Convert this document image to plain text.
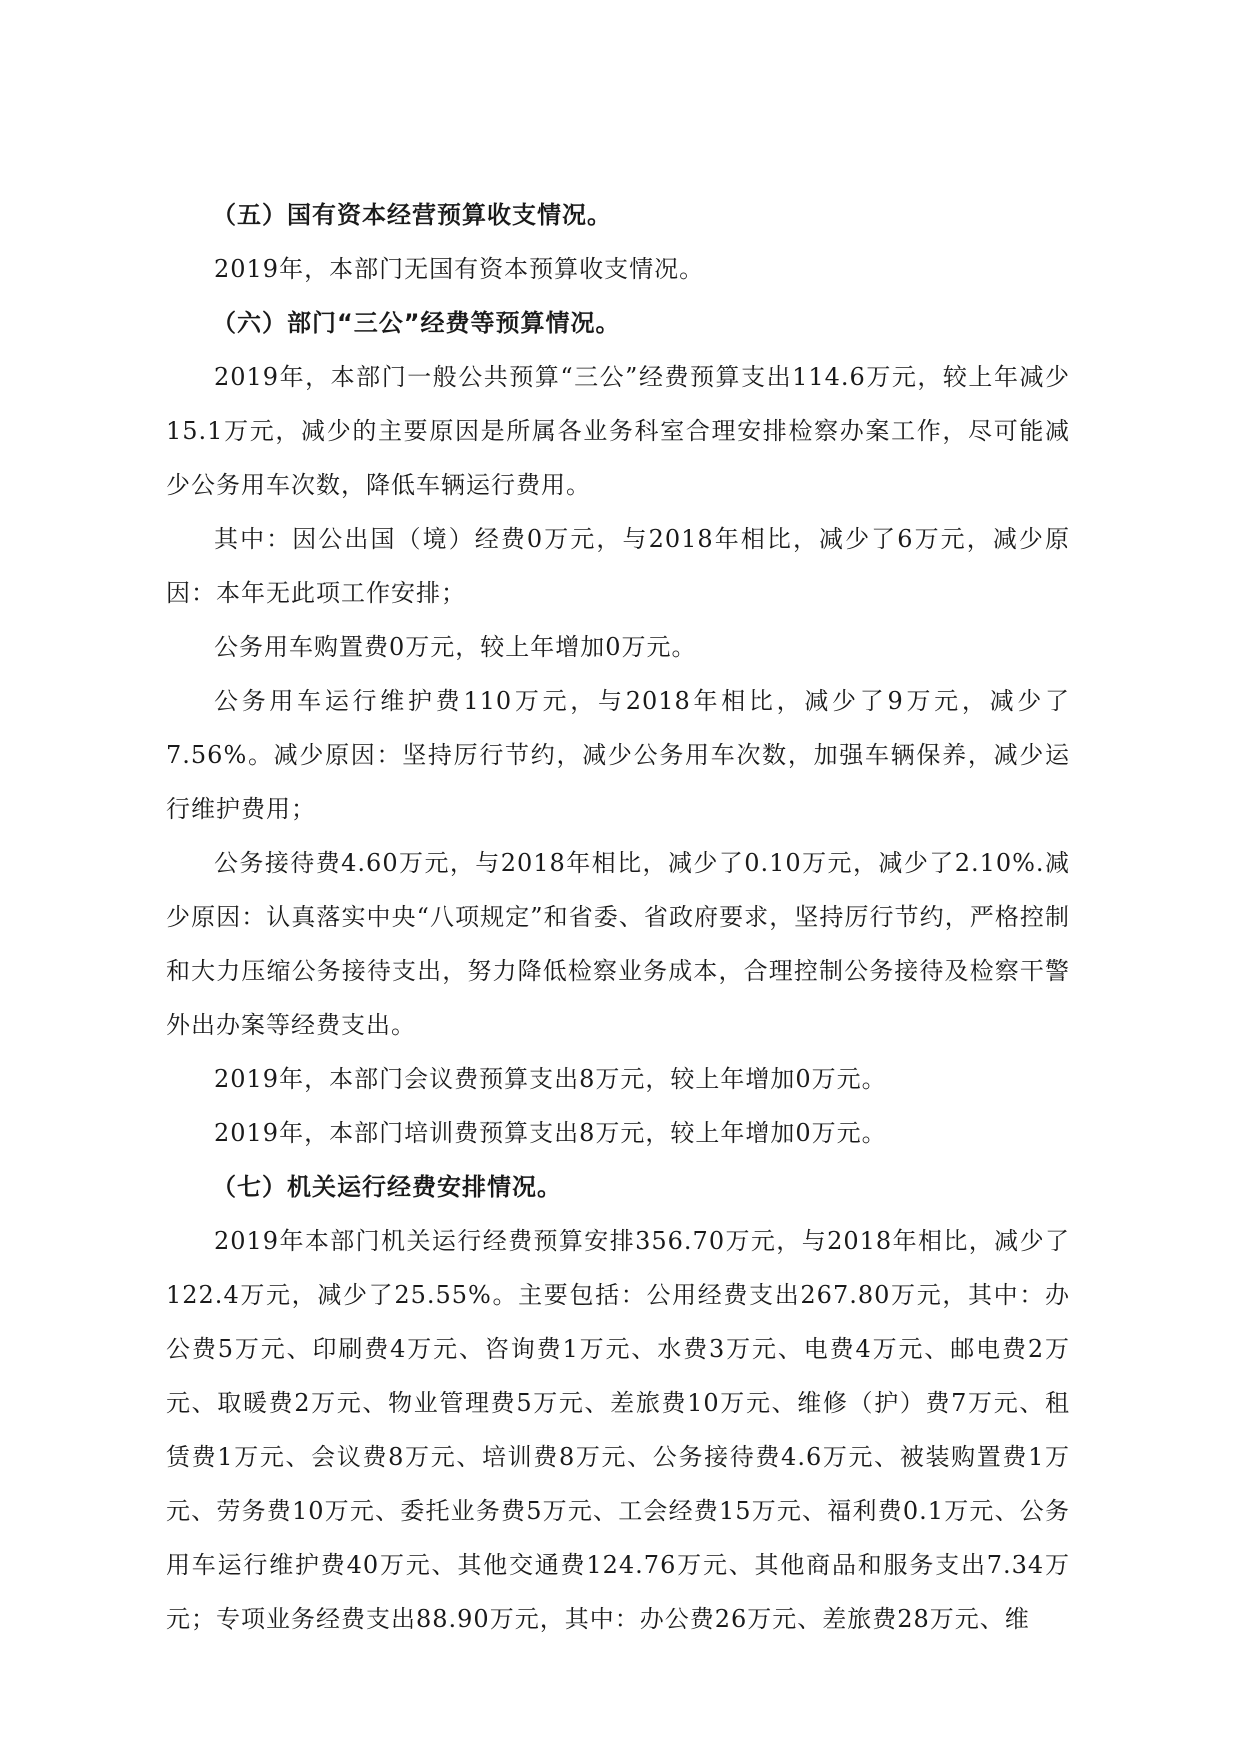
（五）国有资本经营预算收支情况。

2019年，本部门无国有资本预算收支情况。

（六）部门“三公”经费等预算情况。

2019年，本部门一般公共预算“三公”经费预算支出114.6万元，较上年减少15.1万元，减少的主要原因是所属各业务科室合理安排检察办案工作，尽可能减少公务用车次数，降低车辆运行费用。

其中：因公出国（境）经费0万元，与2018年相比，减少了6万元，减少原因：本年无此项工作安排；

公务用车购置费0万元，较上年增加0万元。

公务用车运行维护费110万元，与2018年相比，减少了9万元，减少了7.56%。减少原因：坚持厉行节约，减少公务用车次数，加强车辆保养，减少运行维护费用；

公务接待费4.60万元，与2018年相比，减少了0.10万元，减少了2.10%.减少原因：认真落实中央“八项规定”和省委、省政府要求，坚持厉行节约，严格控制和大力压缩公务接待支出，努力降低检察业务成本，合理控制公务接待及检察干警外出办案等经费支出。

2019年，本部门会议费预算支出8万元，较上年增加0万元。

2019年，本部门培训费预算支出8万元，较上年增加0万元。

（七）机关运行经费安排情况。

2019年本部门机关运行经费预算安排356.70万元，与2018年相比，减少了122.4万元，减少了25.55%。主要包括：公用经费支出267.80万元，其中：办公费5万元、印刷费4万元、咨询费1万元、水费3万元、电费4万元、邮电费2万元、取暖费2万元、物业管理费5万元、差旅费10万元、维修（护）费7万元、租赁费1万元、会议费8万元、培训费8万元、公务接待费4.6万元、被装购置费1万元、劳务费10万元、委托业务费5万元、工会经费15万元、福利费0.1万元、公务用车运行维护费40万元、其他交通费124.76万元、其他商品和服务支出7.34万元；专项业务经费支出88.90万元，其中：办公费26万元、差旅费28万元、维
